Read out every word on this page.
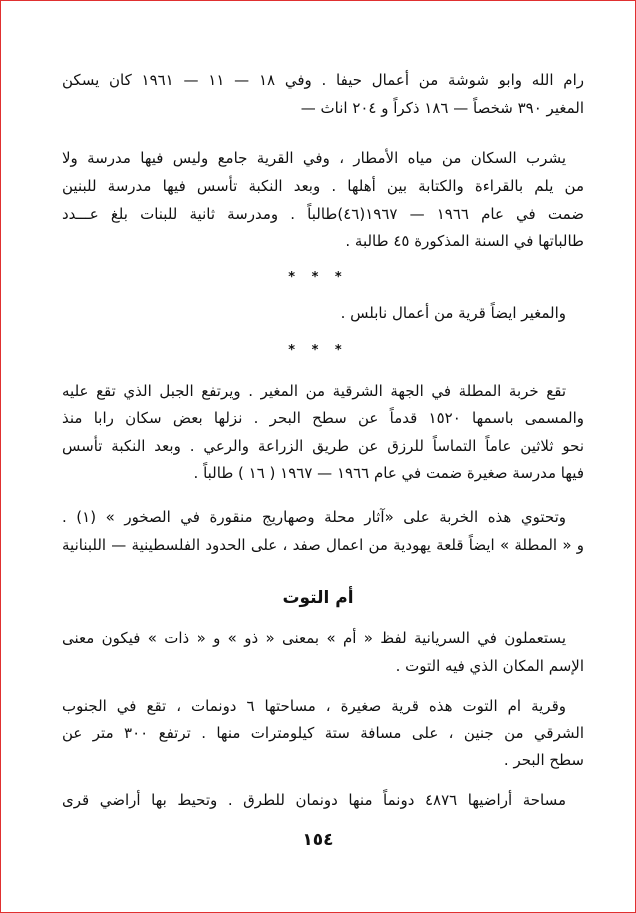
رام الله وابو شوشة من أعمال حيفا . وفي ١٨ — ١١ — ١٩٦١ كان يسكن
المغير ٣٩٠ شخصاً — ١٨٦ ذكراً و ٢٠٤ اناث —
يشرب السكان من مياه الأمطار ، وفي القرية جامع وليس فيها مدرسة ولا
من يلم بالقراءة والكتابة بين أهلها . وبعد النكبة تأسس فيها مدرسة للبنين
ضمت في عام ١٩٦٦ — ١٩٦٧(٤٦)طالباً . ومدرسة ثانية للبنات بلغ عـــدد
طالباتها في السنة المذكورة ٤٥ طالبة .
* * *
والمغير ايضاً قرية من أعمال نابلس .
* * *
تقع خربة المطلة في الجهة الشرقية من المغير . ويرتفع الجبل الذي تقع عليه
والمسمى باسمها ١٥٢٠ قدماً عن سطح البحر . نزلها بعض سكان رابا منذ
نحو ثلاثين عاماً التماساً للرزق عن طريق الزراعة والرعي . وبعد النكبة تأسس
فيها مدرسة صغيرة ضمت في عام ١٩٦٦ — ١٩٦٧ ( ١٦ ) طالباً .
وتحتوي هذه الخربة على «آثار محلة وصهاريج منقورة في الصخور » (١) .
و « المطلة » ايضاً قلعة يهودية من اعمال صفد ، على الحدود الفلسطينية — اللبنانية
أم التوت
يستعملون في السريانية لفظ « أم » بمعنى « ذو » و « ذات » فيكون معنى
الإسم المكان الذي فيه التوت .
وقرية ام التوت هذه قرية صغيرة ، مساحتها ٦ دونمات ، تقع في الجنوب
الشرقي من جنين ، على مسافة ستة كيلومترات منها . ترتفع ٣٠٠ متر عن
سطح البحر .
مساحة أراضيها ٤٨٧٦ دونماً منها دونمان للطرق . وتحيط بها أراضي قرى
١٥٤
